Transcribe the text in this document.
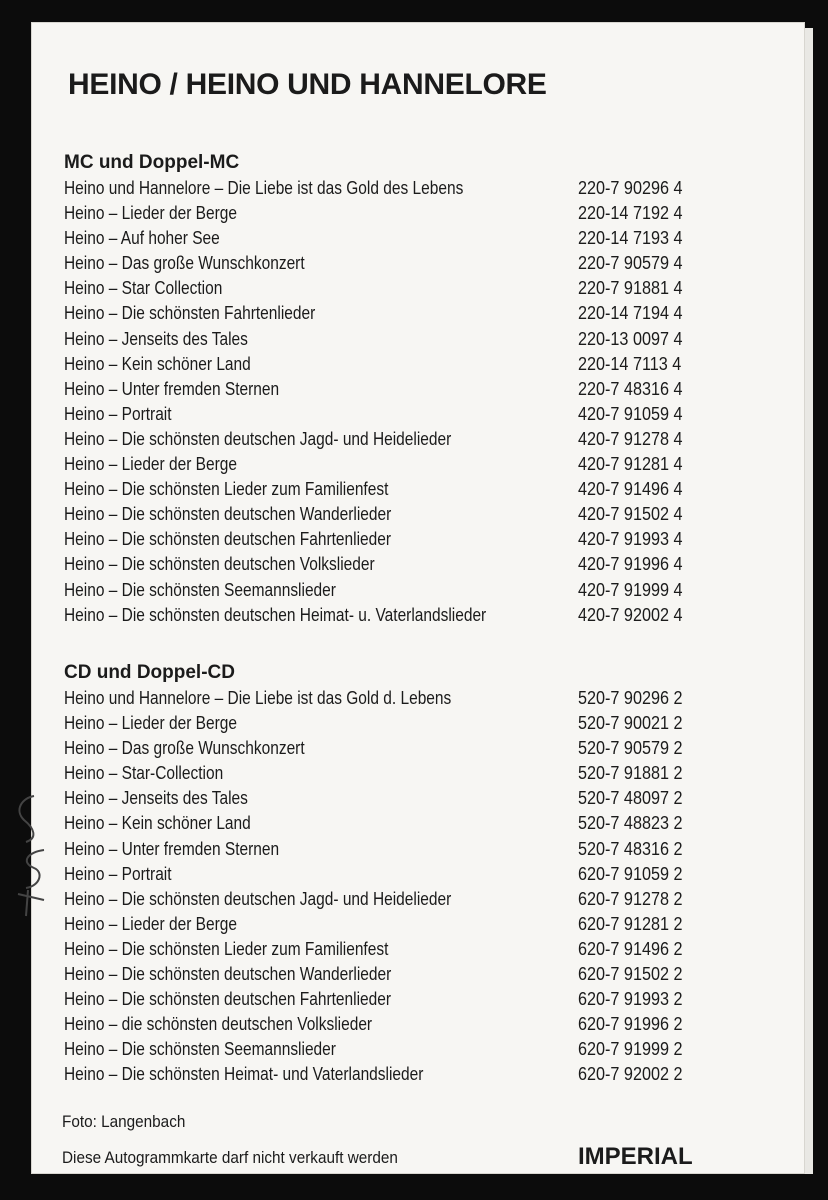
HEINO / HEINO UND HANNELORE
MC und Doppel-MC
Heino und Hannelore – Die Liebe ist das Gold des Lebens	220-7 90296 4
Heino – Lieder der Berge	220-14 7192 4
Heino – Auf hoher See	220-14 7193 4
Heino – Das große Wunschkonzert	220-7 90579 4
Heino – Star Collection	220-7 91881 4
Heino – Die schönsten Fahrtenlieder	220-14 7194 4
Heino – Jenseits des Tales	220-13 0097 4
Heino – Kein schöner Land	220-14 7113 4
Heino – Unter fremden Sternen	220-7 48316 4
Heino – Portrait	420-7 91059 4
Heino – Die schönsten deutschen Jagd- und Heidelieder	420-7 91278 4
Heino – Lieder der Berge	420-7 91281 4
Heino – Die schönsten Lieder zum Familienfest	420-7 91496 4
Heino – Die schönsten deutschen Wanderlieder	420-7 91502 4
Heino – Die schönsten deutschen Fahrtenlieder	420-7 91993 4
Heino – Die schönsten deutschen Volkslieder	420-7 91996 4
Heino – Die schönsten Seemannslieder	420-7 91999 4
Heino – Die schönsten deutschen Heimat- u. Vaterlandslieder	420-7 92002 4
CD und Doppel-CD
Heino und Hannelore – Die Liebe ist das Gold d. Lebens	520-7 90296 2
Heino – Lieder der Berge	520-7 90021 2
Heino – Das große Wunschkonzert	520-7 90579 2
Heino – Star-Collection	520-7 91881 2
Heino – Jenseits des Tales	520-7 48097 2
Heino – Kein schöner Land	520-7 48823 2
Heino – Unter fremden Sternen	520-7 48316 2
Heino – Portrait	620-7 91059 2
Heino – Die schönsten deutschen Jagd- und Heidelieder	620-7 91278 2
Heino – Lieder der Berge	620-7 91281 2
Heino – Die schönsten Lieder zum Familienfest	620-7 91496 2
Heino – Die schönsten deutschen Wanderlieder	620-7 91502 2
Heino – Die schönsten deutschen Fahrtenlieder	620-7 91993 2
Heino – die schönsten deutschen Volkslieder	620-7 91996 2
Heino – Die schönsten Seemannslieder	620-7 91999 2
Heino – Die schönsten Heimat- und Vaterlandslieder	620-7 92002 2
Foto: Langenbach
Diese Autogrammkarte darf nicht verkauft werden	IMPERIAL
